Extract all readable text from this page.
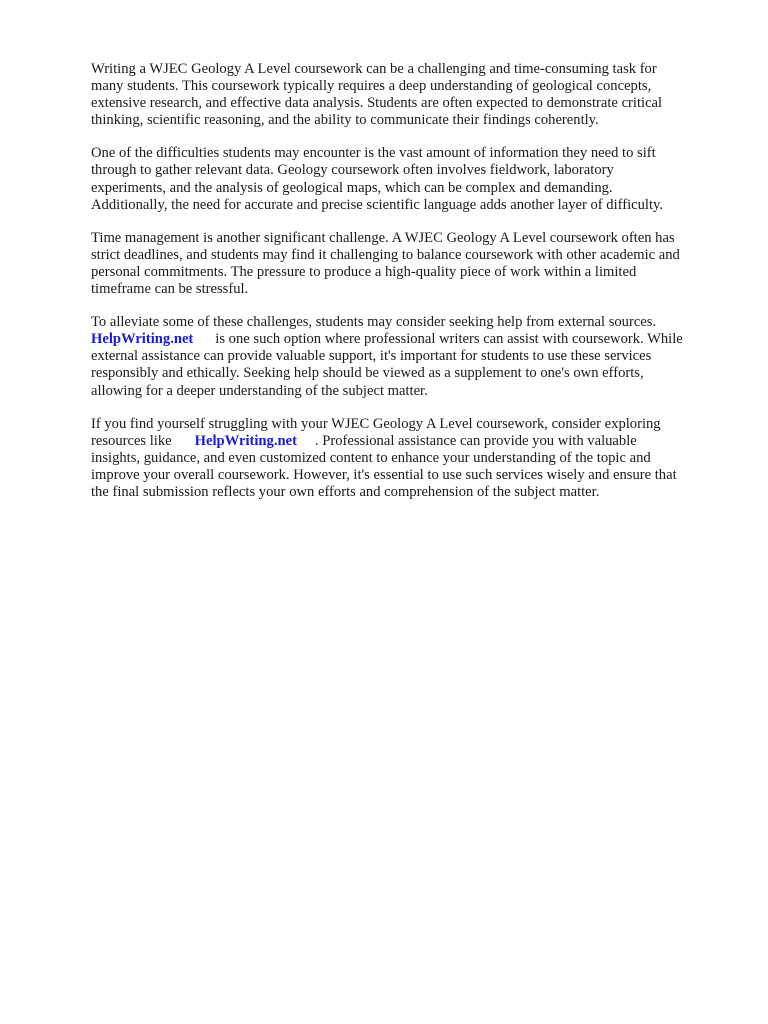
Writing a WJEC Geology A Level coursework can be a challenging and time-consuming task for
many students. This coursework typically requires a deep understanding of geological concepts,
extensive research, and effective data analysis. Students are often expected to demonstrate critical
thinking, scientific reasoning, and the ability to communicate their findings coherently.

One of the difficulties students may encounter is the vast amount of information they need to sift
through to gather relevant data. Geology coursework often involves fieldwork, laboratory
experiments, and the analysis of geological maps, which can be complex and demanding.
Additionally, the need for accurate and precise scientific language adds another layer of difficulty.

Time management is another significant challenge. A WJEC Geology A Level coursework often has
strict deadlines, and students may find it challenging to balance coursework with other academic and
personal commitments. The pressure to produce a high-quality piece of work within a limited
timeframe can be stressful.

To alleviate some of these challenges, students may consider seeking help from external sources.
HelpWriting.net is one such option where professional writers can assist with coursework. While
external assistance can provide valuable support, it's important for students to use these services
responsibly and ethically. Seeking help should be viewed as a supplement to one's own efforts,
allowing for a deeper understanding of the subject matter.

If you find yourself struggling with your WJEC Geology A Level coursework, consider exploring
resources like HelpWriting.net . Professional assistance can provide you with valuable
insights, guidance, and even customized content to enhance your understanding of the topic and
improve your overall coursework. However, it's essential to use such services wisely and ensure that
the final submission reflects your own efforts and comprehension of the subject matter.
